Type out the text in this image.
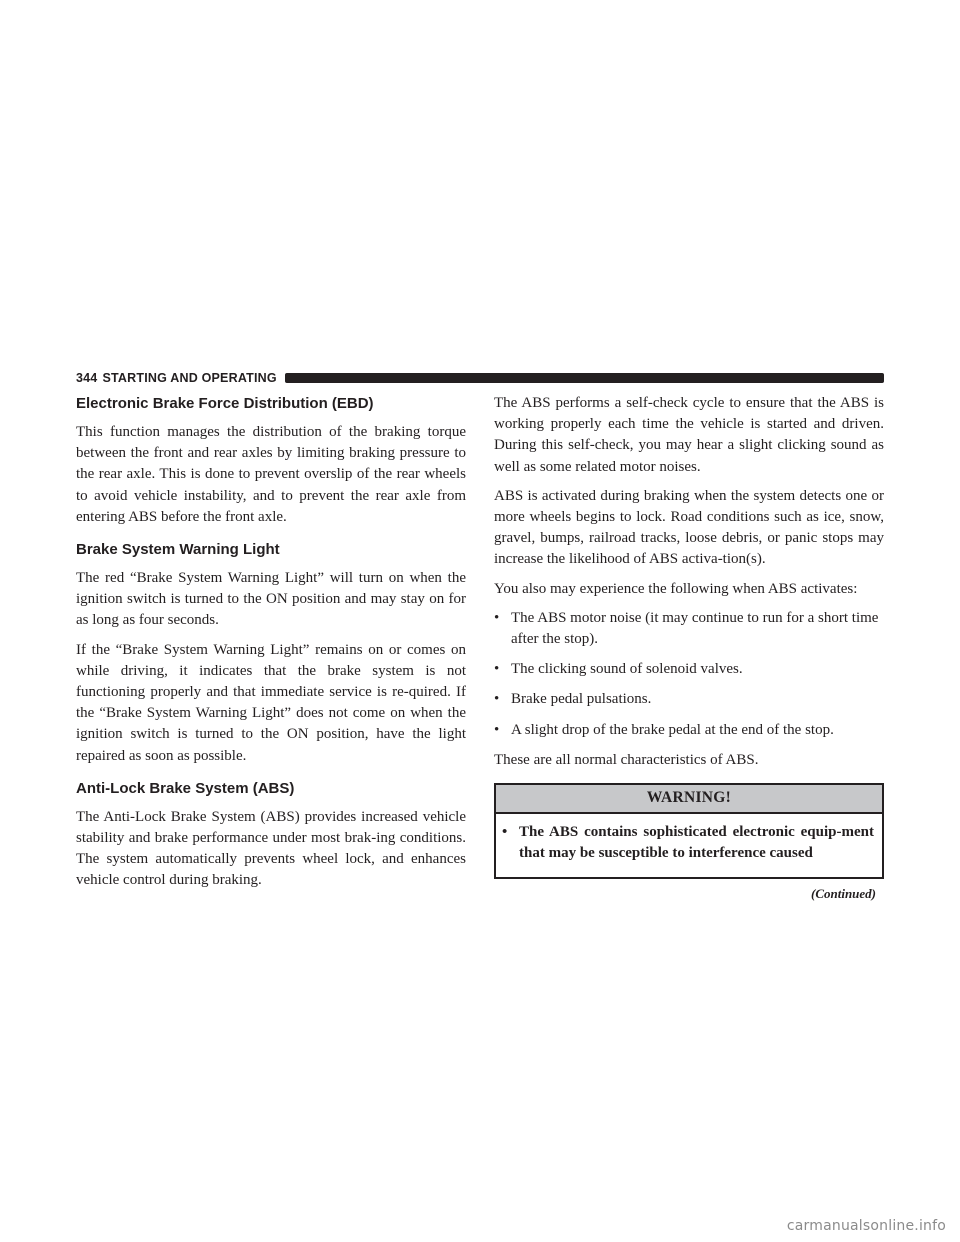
344 STARTING AND OPERATING
Electronic Brake Force Distribution (EBD)

This function manages the distribution of the braking torque between the front and rear axles by limiting braking pressure to the rear axle. This is done to prevent overslip of the rear wheels to avoid vehicle instability, and to prevent the rear axle from entering ABS before the front axle.

Brake System Warning Light

The red “Brake System Warning Light” will turn on when the ignition switch is turned to the ON position and may stay on for as long as four seconds.

If the “Brake System Warning Light” remains on or comes on while driving, it indicates that the brake system is not functioning properly and that immediate service is re-quired. If the “Brake System Warning Light” does not come on when the ignition switch is turned to the ON position, have the light repaired as soon as possible.

Anti-Lock Brake System (ABS)

The Anti-Lock Brake System (ABS) provides increased vehicle stability and brake performance under most brak-ing conditions. The system automatically prevents wheel lock, and enhances vehicle control during braking.

The ABS performs a self-check cycle to ensure that the ABS is working properly each time the vehicle is started and driven. During this self-check, you may hear a slight clicking sound as well as some related motor noises.

ABS is activated during braking when the system detects one or more wheels begins to lock. Road conditions such as ice, snow, gravel, bumps, railroad tracks, loose debris, or panic stops may increase the likelihood of ABS activa-tion(s).

You also may experience the following when ABS activates:

• The ABS motor noise (it may continue to run for a short time after the stop).
• The clicking sound of solenoid valves.
• Brake pedal pulsations.
• A slight drop of the brake pedal at the end of the stop.

These are all normal characteristics of ABS.

WARNING!
• The ABS contains sophisticated electronic equip-ment that may be susceptible to interference caused
(Continued)
carmanualsonline.info
